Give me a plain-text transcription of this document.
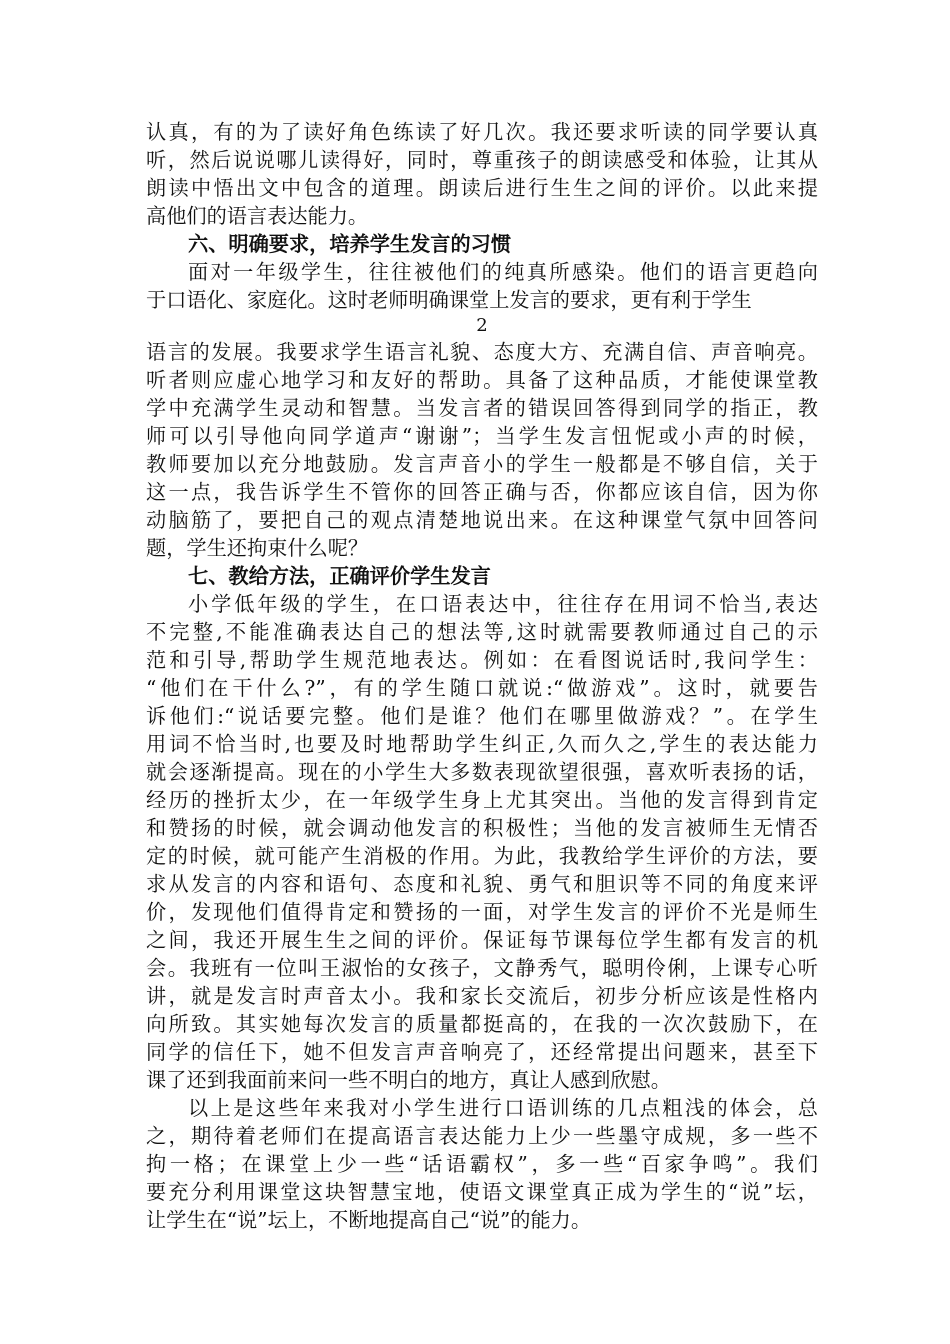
认真，有的为了读好角色练读了好几次。我还要求听读的同学要认真
听，然后说说哪儿读得好，同时，尊重孩子的朗读感受和体验，让其从
朗读中悟出文中包含的道理。朗读后进行生生之间的评价。以此来提
高他们的语言表达能力。
六、明确要求，培养学生发言的习惯
面对一年级学生，往往被他们的纯真所感染。他们的语言更趋向
于口语化、家庭化。这时老师明确课堂上发言的要求，更有利于学生
2
语言的发展。我要求学生语言礼貌、态度大方、充满自信、声音响亮。
听者则应虚心地学习和友好的帮助。具备了这种品质，才能使课堂教
学中充满学生灵动和智慧。当发言者的错误回答得到同学的指正，教
师可以引导他向同学道声“谢谢”；当学生发言忸怩或小声的时候，
教师要加以充分地鼓励。发言声音小的学生一般都是不够自信，关于
这一点，我告诉学生不管你的回答正确与否，你都应该自信，因为你
动脑筋了，要把自己的观点清楚地说出来。在这种课堂气氛中回答问
题，学生还拘束什么呢？
七、教给方法，正确评价学生发言
小学低年级的学生，在口语表达中，往往存在用词不恰当,表达
不完整,不能准确表达自己的想法等,这时就需要教师通过自己的示
范和引导,帮助学生规范地表达。例如：在看图说话时,我问学生：
“他们在干什么?”，有的学生随口就说:“做游戏”。这时，就要告
诉他们:“说话要完整。他们是谁？他们在哪里做游戏？”。在学生
用词不恰当时,也要及时地帮助学生纠正,久而久之,学生的表达能力
就会逐渐提高。现在的小学生大多数表现欲望很强，喜欢听表扬的话，
经历的挫折太少，在一年级学生身上尤其突出。当他的发言得到肯定
和赞扬的时候，就会调动他发言的积极性；当他的发言被师生无情否
定的时候，就可能产生消极的作用。为此，我教给学生评价的方法，要
求从发言的内容和语句、态度和礼貌、勇气和胆识等不同的角度来评
价，发现他们值得肯定和赞扬的一面，对学生发言的评价不光是师生
之间，我还开展生生之间的评价。保证每节课每位学生都有发言的机
会。我班有一位叫王淑怡的女孩子，文静秀气，聪明伶俐，上课专心听
讲，就是发言时声音太小。我和家长交流后，初步分析应该是性格内
向所致。其实她每次发言的质量都挺高的，在我的一次次鼓励下，在
同学的信任下，她不但发言声音响亮了，还经常提出问题来，甚至下
课了还到我面前来问一些不明白的地方，真让人感到欣慰。
以上是这些年来我对小学生进行口语训练的几点粗浅的体会，总
之，期待着老师们在提高语言表达能力上少一些墨守成规，多一些不
拘一格；在课堂上少一些“话语霸权”，多一些“百家争鸣”。我们
要充分利用课堂这块智慧宝地，使语文课堂真正成为学生的“说”坛，
让学生在“说”坛上，不断地提高自己“说”的能力。
